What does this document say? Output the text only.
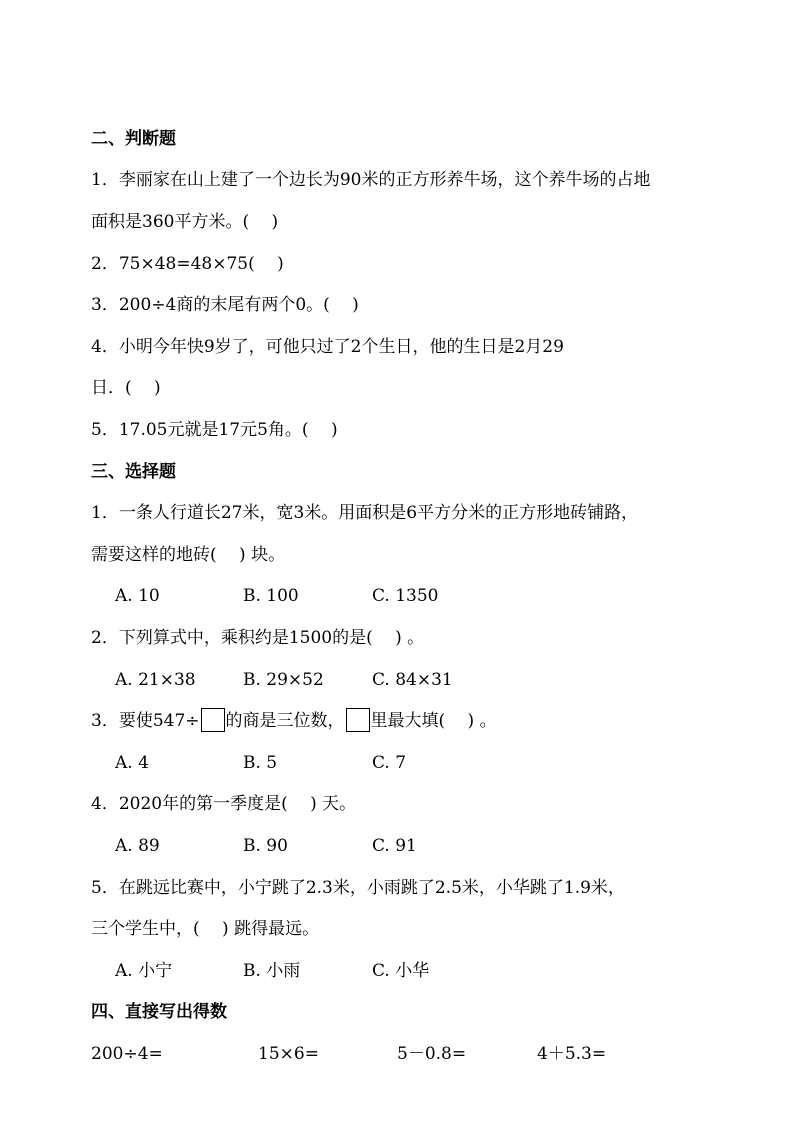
二、判断题
1．李丽家在山上建了一个边长为90米的正方形养牛场，这个养牛场的占地
面积是360平方米。(　 )
2．75×48=48×75(　 )
3．200÷4商的末尾有两个0。(　 )
4．小明今年快9岁了，可他只过了2个生日，他的生日是2月29
日．(　 )
5．17.05元就是17元5角。(　 )
三、选择题
1．一条人行道长27米，宽3米。用面积是6平方分米的正方形地砖铺路，
需要这样的地砖(　 ) 块。
A. 10	B. 100	C. 1350
2．下列算式中，乘积约是1500的是(　 ) 。
A. 21×38	B. 29×52	C. 84×31
3．要使547÷ 的商是三位数， 里最大填(　 ) 。
A. 4	B. 5	C. 7
4．2020年的第一季度是(　 ) 天。
A. 89	B. 90	C. 91
5．在跳远比赛中，小宁跳了2.3米，小雨跳了2.5米，小华跳了1.9米，
三个学生中，(　 ) 跳得最远。
A. 小宁	B. 小雨	C. 小华
四、直接写出得数
200÷4=	15×6=	5－0.8=	4＋5.3=
